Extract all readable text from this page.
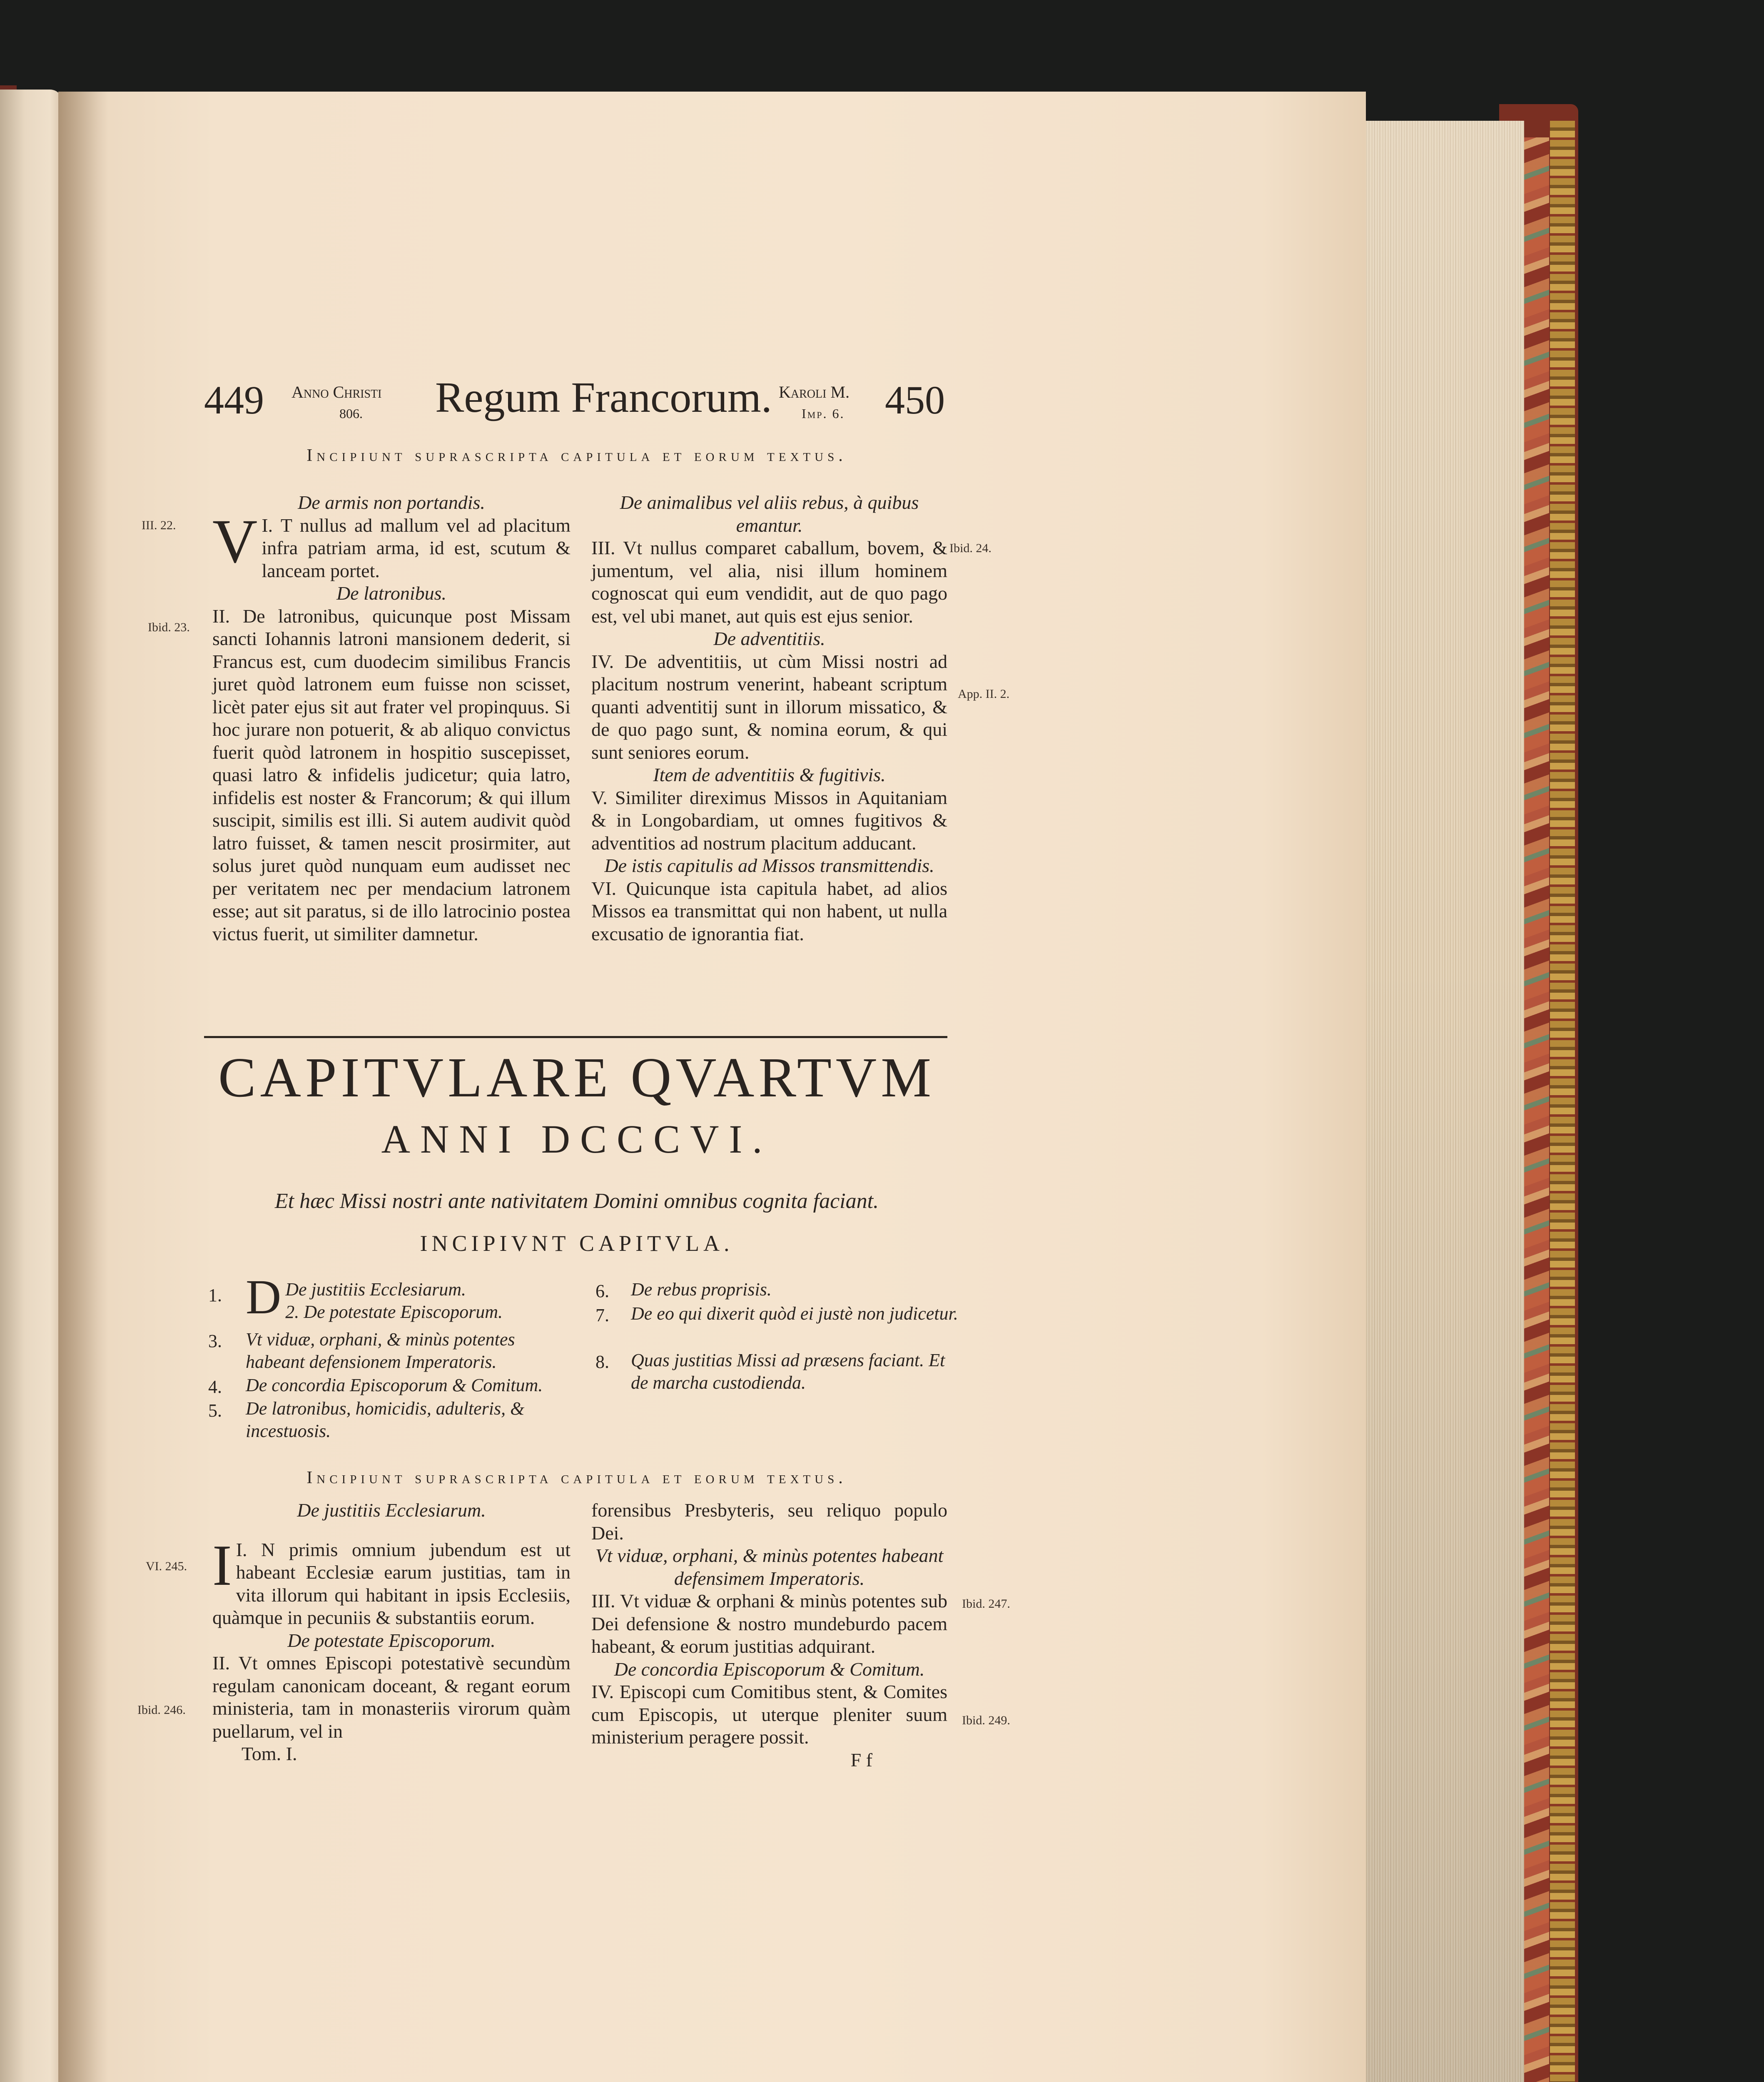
449 Anno Christi
806. Regum Francorum. Karoli M.
Imp. 6. 450
Incipiunt suprascripta capitula et eorum textus.
III. 22.
Ibid. 23.
Ibid. 24.
App. II. 2.
VI. 245.
Ibid. 246.
Ibid. 247.
Ibid. 249.

De armis non portandis.

I.
V T nullus ad mallum vel ad placitum infra patriam arma, id est, scutum & lanceam portet.

De latronibus.

II. De latronibus, quicunque post Missam sancti Iohannis latroni mansionem dederit, si Francus est, cum duodecim similibus Francis juret quòd latronem eum fuisse non scisset, licèt pater ejus sit aut frater vel propinquus. Si hoc jurare non potuerit, & ab aliquo convictus fuerit quòd latronem in hospitio suscepisset, quasi latro & infidelis judicetur; quia latro, infidelis est noster & Francorum; & qui illum suscipit, similis est illi. Si autem audivit quòd latro fuisset, & tamen nescit prosirmiter, aut solus juret quòd nunquam eum audisset nec per veritatem nec per mendacium latronem esse; aut sit paratus, si de illo latrocinio postea victus fuerit, ut similiter damnetur.

De animalibus vel aliis rebus, à quibus emantur.

III. Vt nullus comparet caballum, bovem, & jumentum, vel alia, nisi illum hominem cognoscat qui eum vendidit, aut de quo pago est, vel ubi manet, aut quis est ejus senior.

De adventitiis.

IV. De adventitiis, ut cùm Missi nostri ad placitum nostrum venerint, habeant scriptum quanti adventitij sunt in illorum missatico, & de quo pago sunt, & nomina eorum, & qui sunt seniores eorum.

Item de adventitiis & fugitivis.

V. Similiter direximus Missos in Aquitaniam & in Longobardiam, ut omnes fugitivos & adventitios ad nostrum placitum adducant.

De istis capitulis ad Missos transmittendis.

VI. Quicunque ista capitula habet, ad alios Missos ea transmittat qui non habent, ut nulla excusatio de ignorantia fiat.

CAPITVLARE QVARTVM
ANNI DCCCVI.
Et hæc Missi nostri ante nativitatem Domini omnibus cognita faciant.
INCIPIVNT CAPITVLA.
1. D De justitiis Ecclesiarum.
2. De potestate Episcoporum.
3. Vt viduæ, orphani, & minùs potentes habeant defensionem Imperatoris.
4. De concordia Episcoporum & Comitum.
5. De latronibus, homicidis, adulteris, & incestuosis.
6. De rebus proprisis.
7. De eo qui dixerit quòd ei justè non judicetur.
8. Quas justitias Missi ad præsens faciant. Et de marcha custodienda.
Incipiunt suprascripta capitula et eorum textus.

De justitiis Ecclesiarum.

I.
I N primis omnium jubendum est ut habeant Ecclesiæ earum justitias, tam in vita illorum qui habitant in ipsis Ecclesiis, quàmque in pecuniis & substantiis eorum.

De potestate Episcoporum.

II. Vt omnes Episcopi potestativè secundùm regulam canonicam doceant, & regant eorum ministeria, tam in monasteriis virorum quàm puellarum, vel in

Tom. I.

forensibus Presbyteris, seu reliquo populo Dei.

Vt viduæ, orphani, & minùs potentes habeant defensimem Imperatoris.

III. Vt viduæ & orphani & minùs potentes sub Dei defensione & nostro mundeburdo pacem habeant, & eorum justitias adquirant.

De concordia Episcoporum & Comitum.

IV. Episcopi cum Comitibus stent, & Comites cum Episcopis, ut uterque pleniter suum ministerium peragere possit.

F f
